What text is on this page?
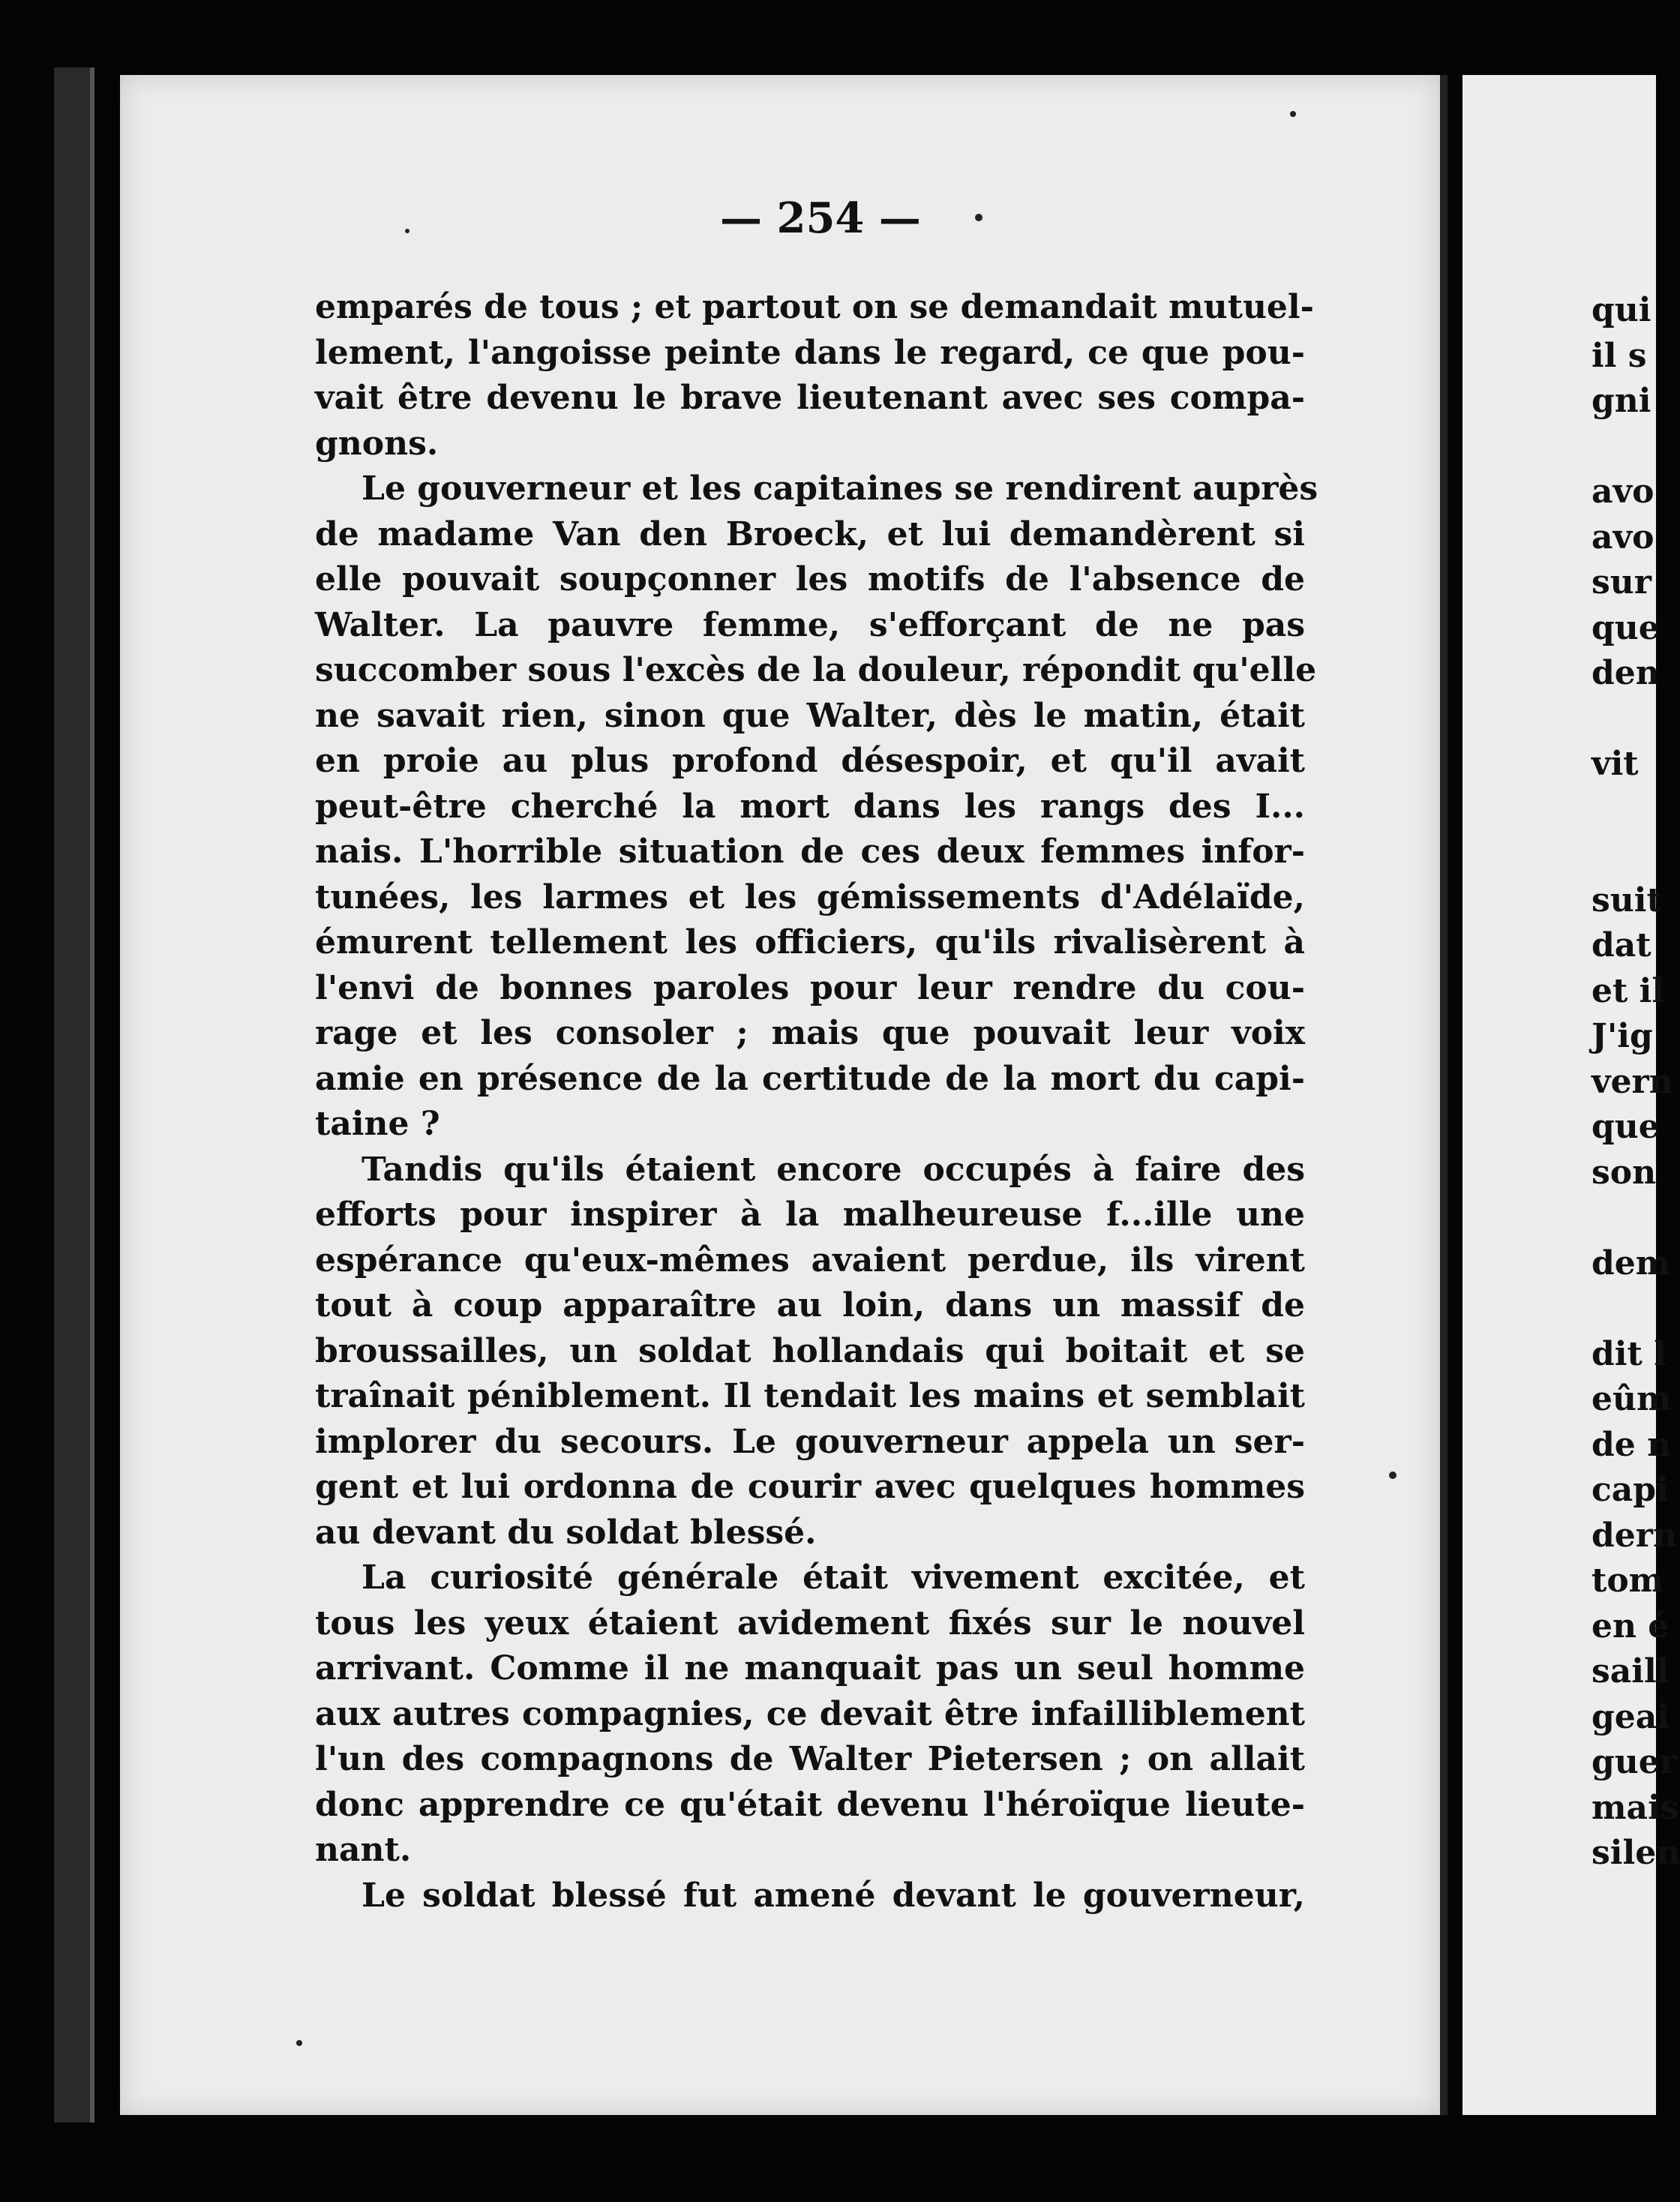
— 254 —
emparés de tous ; et partout on se demandait mutuel-
lement, l'angoisse peinte dans le regard, ce que pou-
vait être devenu le brave lieutenant avec ses compa-
gnons.
Le gouverneur et les capitaines se rendirent auprès
de madame Van den Broeck, et lui demandèrent si
elle pouvait soupçonner les motifs de l'absence de
Walter. La pauvre femme, s'efforçant de ne pas
succomber sous l'excès de la douleur, répondit qu'elle
ne savait rien, sinon que Walter, dès le matin, était
en proie au plus profond désespoir, et qu'il avait
peut-être cherché la mort dans les rangs des I...
nais. L'horrible situation de ces deux femmes infor-
tunées, les larmes et les gémissements d'Adélaïde,
émurent tellement les officiers, qu'ils rivalisèrent à
l'envi de bonnes paroles pour leur rendre du cou-
rage et les consoler ; mais que pouvait leur voix
amie en présence de la certitude de la mort du capi-
taine ?
Tandis qu'ils étaient encore occupés à faire des
efforts pour inspirer à la malheureuse f...ille une
espérance qu'eux-mêmes avaient perdue, ils virent
tout à coup apparaître au loin, dans un massif de
broussailles, un soldat hollandais qui boitait et se
traînait péniblement. Il tendait les mains et semblait
implorer du secours. Le gouverneur appela un ser-
gent et lui ordonna de courir avec quelques hommes
au devant du soldat blessé.
La curiosité générale était vivement excitée, et
tous les yeux étaient avidement fixés sur le nouvel
arrivant. Comme il ne manquait pas un seul homme
aux autres compagnies, ce devait être infailliblement
l'un des compagnons de Walter Pietersen ; on allait
donc apprendre ce qu'était devenu l'héroïque lieute-
nant.
Le soldat blessé fut amené devant le gouverneur,
qui
il s
gni
avo
avo
sur
que
den
vit
suit
dat
et il
J'ig
vern
que
son
dem
dit l
eûm
de n
capi
dern
tom
en é
saill
geai
guer
mais
silen
